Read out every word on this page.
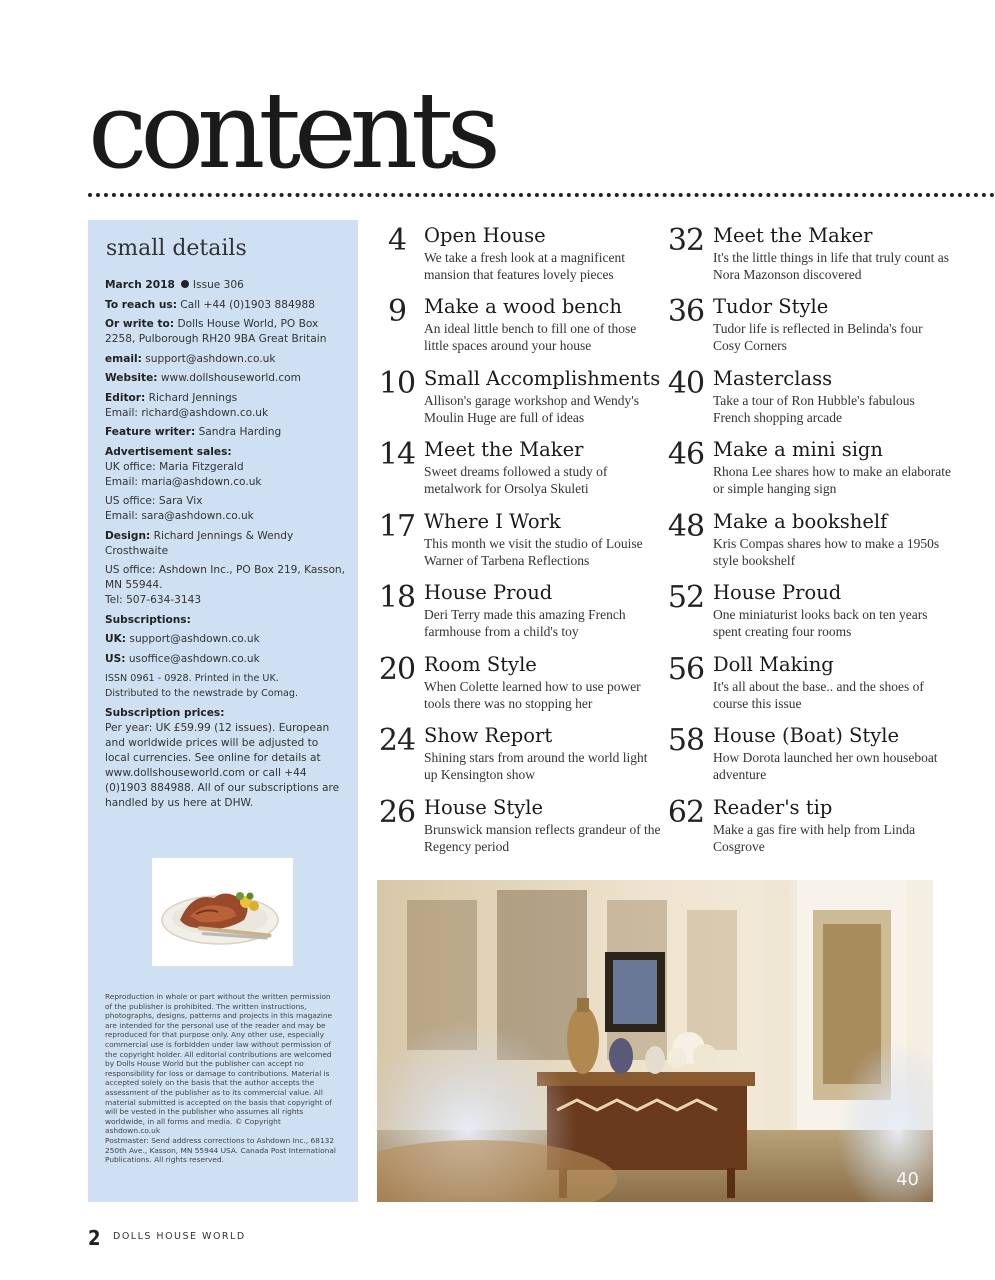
contents
small details
March 2018 Issue 306
To reach us: Call +44 (0)1903 884988
Or write to: Dolls House World, PO Box 2258, Pulborough RH20 9BA Great Britain
email: support@ashdown.co.uk
Website: www.dollshouseworld.com
Editor: Richard Jennings
Email: richard@ashdown.co.uk
Feature writer: Sandra Harding
Advertisement sales:
UK office: Maria Fitzgerald
Email: maria@ashdown.co.uk
US office: Sara Vix
Email: sara@ashdown.co.uk
Design: Richard Jennings & Wendy Crosthwaite
US office: Ashdown Inc., PO Box 219, Kasson, MN 55944.
Tel: 507-634-3143
Subscriptions:
UK: support@ashdown.co.uk
US: usoffice@ashdown.co.uk
ISSN 0961 - 0928. Printed in the UK.
Distributed to the newstrade by Comag.
Subscription prices:
Per year: UK £59.99 (12 issues). European and worldwide prices will be adjusted to local currencies. See online for details at www.dollshouseworld.com or call +44 (0)1903 884988. All of our subscriptions are handled by us here at DHW.
Reproduction in whole or part without the written permission of the publisher is prohibited. The written instructions, photographs, designs, patterns and projects in this magazine are intended for the personal use of the reader and may be reproduced for that purpose only. Any other use, especially commercial use is forbidden under law without permission of the copyright holder. All editorial contributions are welcomed by Dolls House World but the publisher can accept no responsibility for loss or damage to contributions. Material is accepted solely on the basis that the author accepts the assessment of the publisher as to its commercial value. All material submitted is accepted on the basis that copyright of will be vested in the publisher who assumes all rights worldwide, in all forms and media. © Copyright ashdown.co.uk
Postmaster: Send address corrections to Ashdown Inc., 68132 250th Ave., Kasson, MN 55944 USA. Canada Post International Publications. All rights reserved.
4 Open House
We take a fresh look at a magnificent mansion that features lovely pieces
9 Make a wood bench
An ideal little bench to fill one of those little spaces around your house
10 Small Accomplishments
Allison's garage workshop and Wendy's Moulin Huge are full of ideas
14 Meet the Maker
Sweet dreams followed a study of metalwork for Orsolya Skuleti
17 Where I Work
This month we visit the studio of Louise Warner of Tarbena Reflections
18 House Proud
Deri Terry made this amazing French farmhouse from a child's toy
20 Room Style
When Colette learned how to use power tools there was no stopping her
24 Show Report
Shining stars from around the world light up Kensington show
26 House Style
Brunswick mansion reflects grandeur of the Regency period
32 Meet the Maker
It's the little things in life that truly count as Nora Mazonson discovered
36 Tudor Style
Tudor life is reflected in Belinda's four Cosy Corners
40 Masterclass
Take a tour of Ron Hubble's fabulous French shopping arcade
46 Make a mini sign
Rhona Lee shares how to make an elaborate or simple hanging sign
48 Make a bookshelf
Kris Compas shares how to make a 1950s style bookshelf
52 House Proud
One miniaturist looks back on ten years spent creating four rooms
56 Doll Making
It's all about the base.. and the shoes of course this issue
58 House (Boat) Style
How Dorota launched her own houseboat adventure
62 Reader's tip
Make a gas fire with help from Linda Cosgrove
40
2 DOLLS HOUSE WORLD
